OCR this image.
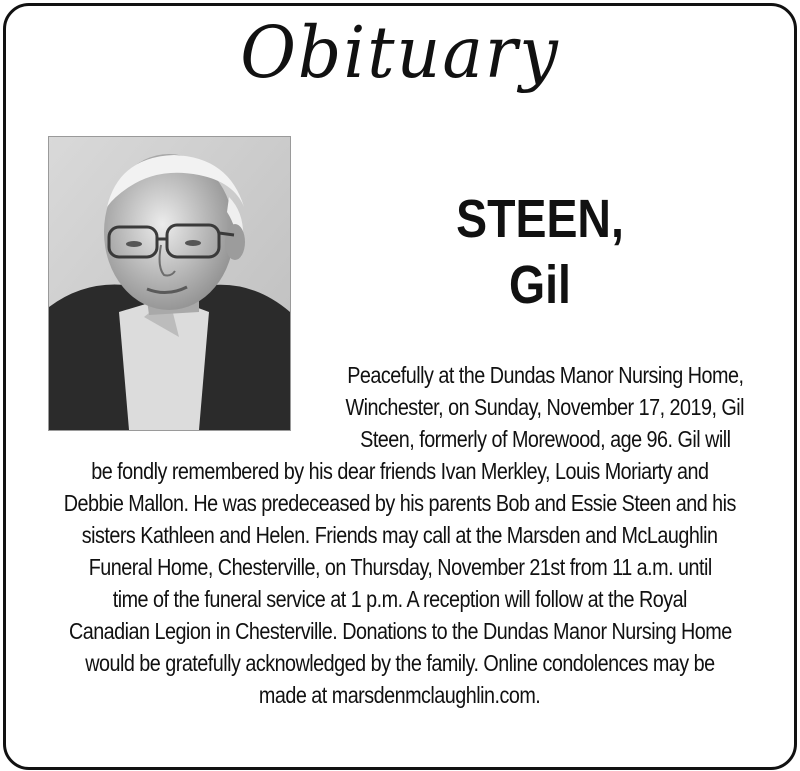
Obituary
STEEN,
Gil
Peacefully at the Dundas Manor Nursing Home,
Winchester, on Sunday, November 17, 2019, Gil
Steen, formerly of Morewood, age 96. Gil will
be fondly remembered by his dear friends Ivan Merkley, Louis Moriarty and
Debbie Mallon. He was predeceased by his parents Bob and Essie Steen and his
sisters Kathleen and Helen. Friends may call at the Marsden and McLaughlin
Funeral Home, Chesterville, on Thursday, November 21st from 11 a.m. until
time of the funeral service at 1 p.m. A reception will follow at the Royal
Canadian Legion in Chesterville. Donations to the Dundas Manor Nursing Home
would be gratefully acknowledged by the family. Online condolences may be
made at marsdenmclaughlin.com.
